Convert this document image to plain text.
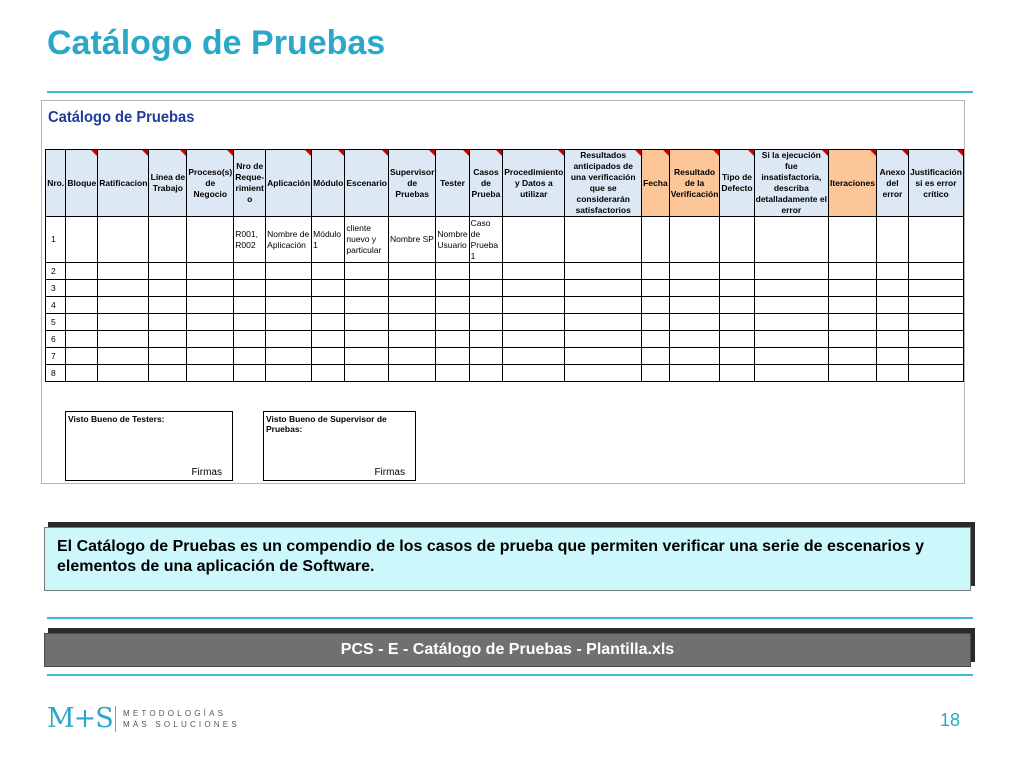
Catálogo de Pruebas
Catálogo de Pruebas
Nro.	Bloque	Ratificacion	Linea de Trabajo	Proceso(s) de Negocio	Nro de Reque-rimient o	Aplicación	Módulo	Escenario	Supervisor de Pruebas	Tester	Casos de Prueba	Procedimiento y Datos a utilizar	Resultados anticipados de una verificación que se considerarán satisfactorios	Fecha	Resultado de la Verificación	Tipo de Defecto	Si la ejecución fue insatisfactoria, describa detalladamente el error	Iteraciones	Anexo del error	Justificación si es error crítico

1					R001, R002	Nombre de Aplicación	Módulo 1	cliente nuevo y particular	Nombre SP	Nombre Usuario	Caso de Prueba 1									
2																				
3																				
4																				
5																				
6																				
7																				
8																				
Visto Bueno de Testers:
Firmas
Visto Bueno de Supervisor de Pruebas:
Firmas

El Catálogo de Pruebas es un compendio de los casos de prueba que permiten verificar una serie de escenarios y elementos de una aplicación de Software.

PCS - E - Catálogo de Pruebas - Plantilla.xls
M+S METODOLOGÍAS
MÁS SOLUCIONES	18
